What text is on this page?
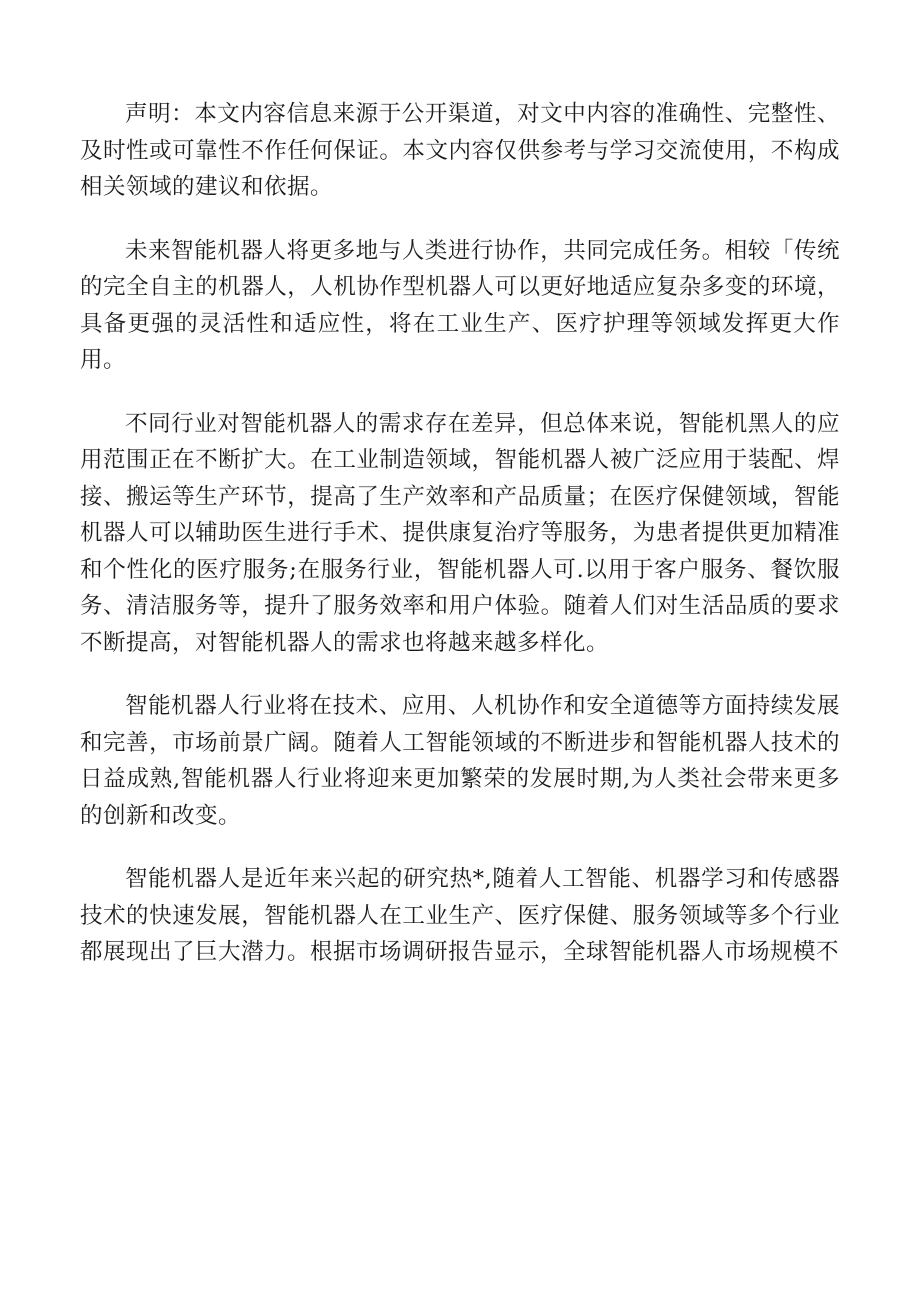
声明：本文内容信息来源于公开渠道，对文中内容的准确性、完整性、及时性或可靠性不作任何保证。本文内容仅供参考与学习交流使用，不构成相关领域的建议和依据。

未来智能机器人将更多地与人类进行协作，共同完成任务。相较「传统的完全自主的机器人，人机协作型机器人可以更好地适应复杂多变的环境，具备更强的灵活性和适应性，将在工业生产、医疗护理等领域发挥更大作用。

不同行业对智能机器人的需求存在差异，但总体来说，智能机黑人的应用范围正在不断扩大。在工业制造领域，智能机器人被广泛应用于装配、焊接、搬运等生产环节，提高了生产效率和产品质量；在医疗保健领域，智能机器人可以辅助医生进行手术、提供康复治疗等服务，为患者提供更加精准和个性化的医疗服务;在服务行业，智能机器人可.以用于客户服务、餐饮服务、清洁服务等，提升了服务效率和用户体验。随着人们对生活品质的要求不断提高，对智能机器人的需求也将越来越多样化。

智能机器人行业将在技术、应用、人机协作和安全道德等方面持续发展和完善，市场前景广阔。随着人工智能领域的不断进步和智能机器人技术的日益成熟,智能机器人行业将迎来更加繁荣的发展时期,为人类社会带来更多的创新和改变。

智能机器人是近年来兴起的研究热*,随着人工智能、机器学习和传感器技术的快速发展，智能机器人在工业生产、医疗保健、服务领域等多个行业都展现出了巨大潜力。根据市场调研报告显示，全球智能机器人市场规模不
